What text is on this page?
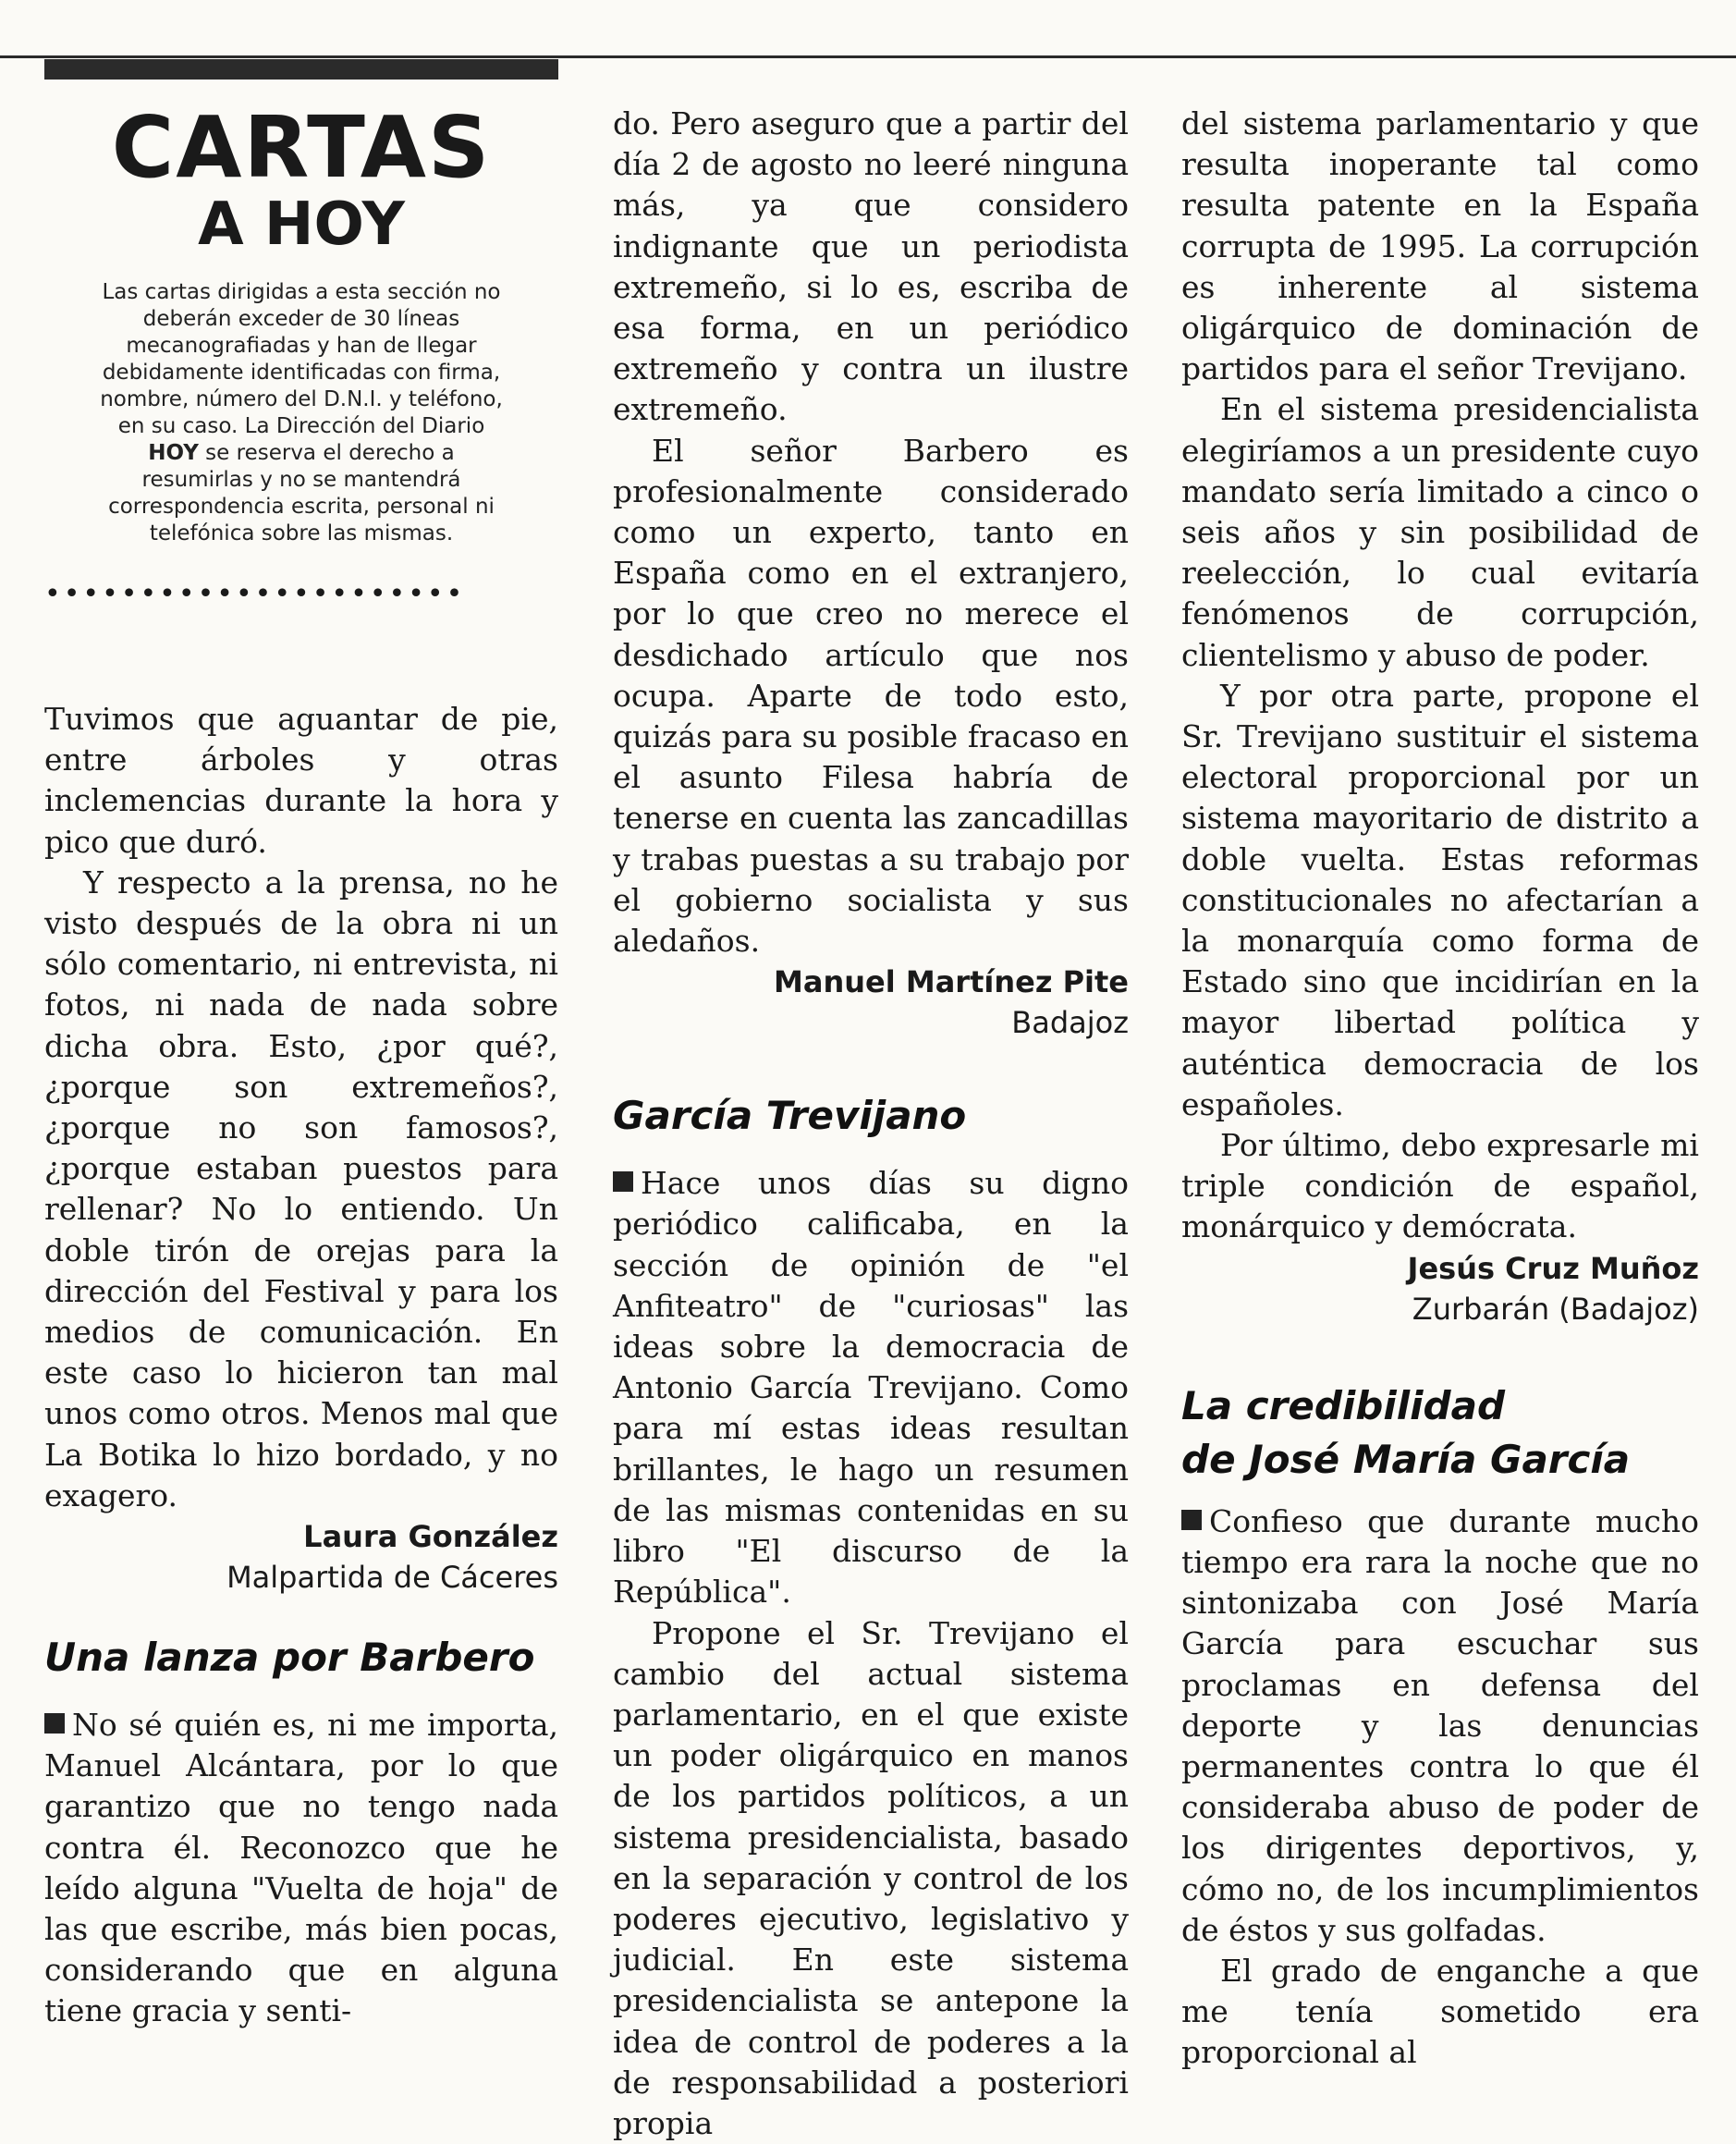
CARTAS
A HOY
Las cartas dirigidas a esta sección no deberán exceder de 30 líneas mecanografiadas y han de llegar debidamente identificadas con firma, nombre, número del D.N.I. y teléfono, en su caso. La Dirección del Diario HOY se reserva el derecho a resumirlas y no se mantendrá correspondencia escrita, personal ni telefónica sobre las mismas.
••••••••••••••••••••••

Tuvimos que aguantar de pie, entre árboles y otras inclemencias durante la hora y pico que duró.

Y respecto a la prensa, no he visto después de la obra ni un sólo comentario, ni entrevista, ni fotos, ni nada de nada sobre dicha obra. Esto, ¿por qué?, ¿porque son extremeños?, ¿porque no son famosos?, ¿porque estaban puestos para rellenar? No lo entiendo. Un doble tirón de orejas para la dirección del Festival y para los medios de comunicación. En este caso lo hicieron tan mal unos como otros. Menos mal que La Botika lo hizo bordado, y no exagero.

Laura González
Malpartida de Cáceres
Una lanza por Barbero

No sé quién es, ni me importa, Manuel Alcántara, por lo que garantizo que no tengo nada contra él. Reconozco que he leído alguna "Vuelta de hoja" de las que escribe, más bien pocas, considerando que en alguna tiene gracia y senti-

do. Pero aseguro que a partir del día 2 de agosto no leeré ninguna más, ya que considero indignante que un periodista extremeño, si lo es, escriba de esa forma, en un periódico extremeño y contra un ilustre extremeño.

El señor Barbero es profesionalmente considerado como un experto, tanto en España como en el extranjero, por lo que creo no merece el desdichado artículo que nos ocupa. Aparte de todo esto, quizás para su posible fracaso en el asunto Filesa habría de tenerse en cuenta las zancadillas y trabas puestas a su trabajo por el gobierno socialista y sus aledaños.

Manuel Martínez Pite
Badajoz
García Trevijano

Hace unos días su digno periódico calificaba, en la sección de opinión de "el Anfiteatro" de "curiosas" las ideas sobre la democracia de Antonio García Trevijano. Como para mí estas ideas resultan brillantes, le hago un resumen de las mismas contenidas en su libro "El discurso de la República".

Propone el Sr. Trevijano el cambio del actual sistema parlamentario, en el que existe un poder oligárquico en manos de los partidos políticos, a un sistema presidencialista, basado en la separación y control de los poderes ejecutivo, legislativo y judicial. En este sistema presidencialista se antepone la idea de control de poderes a la de responsabilidad a posteriori propia

del sistema parlamentario y que resulta inoperante tal como resulta patente en la España corrupta de 1995. La corrupción es inherente al sistema oligárquico de dominación de partidos para el señor Trevijano.

En el sistema presidencialista elegiríamos a un presidente cuyo mandato sería limitado a cinco o seis años y sin posibilidad de reelección, lo cual evitaría fenómenos de corrupción, clientelismo y abuso de poder.

Y por otra parte, propone el Sr. Trevijano sustituir el sistema electoral proporcional por un sistema mayoritario de distrito a doble vuelta. Estas reformas constitucionales no afectarían a la monarquía como forma de Estado sino que incidirían en la mayor libertad política y auténtica democracia de los españoles.

Por último, debo expresarle mi triple condición de español, monárquico y demócrata.

Jesús Cruz Muñoz
Zurbarán (Badajoz)
La credibilidad
de José María García

Confieso que durante mucho tiempo era rara la noche que no sintonizaba con José María García para escuchar sus proclamas en defensa del deporte y las denuncias permanentes contra lo que él consideraba abuso de poder de los dirigentes deportivos, y, cómo no, de los incumplimientos de éstos y sus golfadas.

El grado de enganche a que me tenía sometido era proporcional al
